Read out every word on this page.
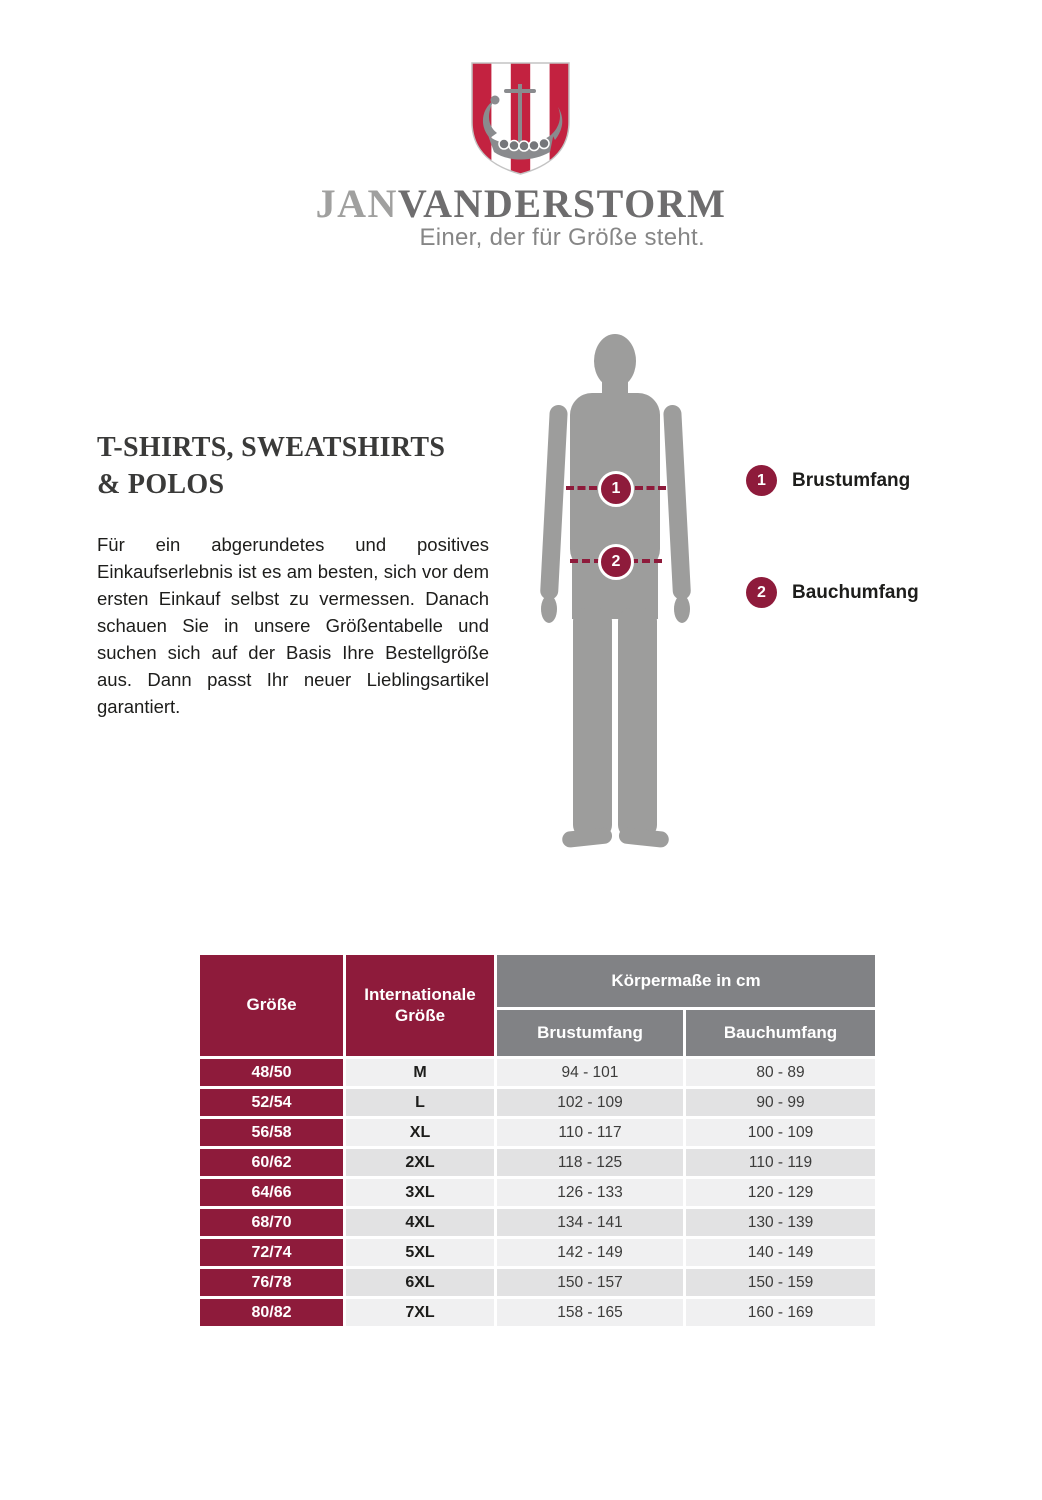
JANVANDERSTORM
Einer, der für Größe steht.
T-SHIRTS, SWEATSHIRTS
& POLOS
Für ein abgerundetes und positives Einkaufserlebnis ist es am besten, sich vor dem ersten Einkauf selbst zu vermessen. Danach schauen Sie in unsere Größentabelle und suchen sich auf der Basis Ihre Bestellgröße aus. Dann passt Ihr neuer Lieblingsartikel garantiert.
1
2
1	Brustumfang
2	Bauchumfang
Größe	Internationale Größe	Körpermaße in cm	
		Brustumfang	Bauchumfang
48/50	M	94 - 101	80 - 89
52/54	L	102 - 109	90 - 99
56/58	XL	110 - 117	100 - 109
60/62	2XL	118 - 125	110 - 119
64/66	3XL	126 - 133	120 - 129
68/70	4XL	134 - 141	130 - 139
72/74	5XL	142 - 149	140 - 149
76/78	6XL	150 - 157	150 - 159
80/82	7XL	158 - 165	160 - 169
